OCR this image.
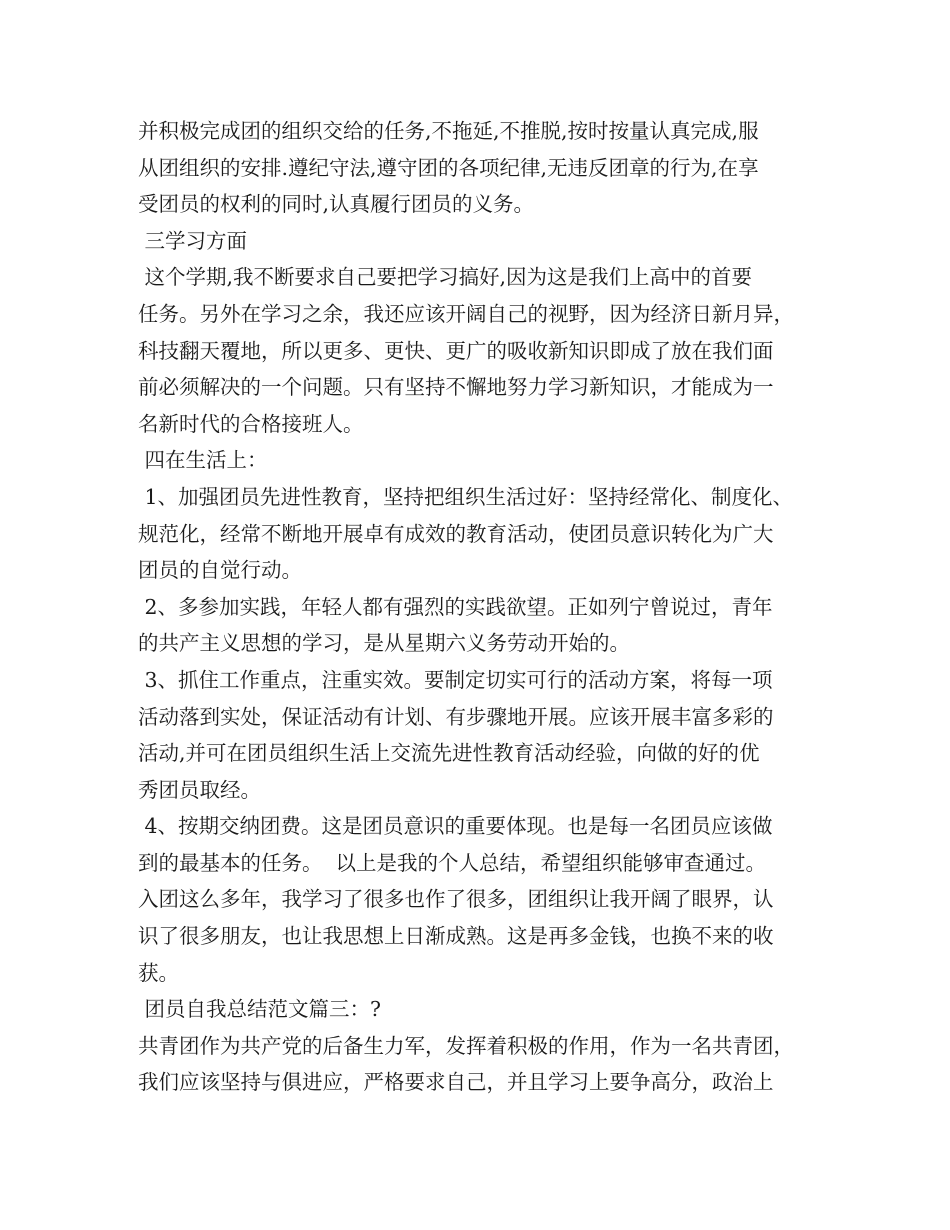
并积极完成团的组织交给的任务,不拖延,不推脱,按时按量认真完成,服
从团组织的安排.遵纪守法,遵守团的各项纪律,无违反团章的行为,在享
受团员的权利的同时,认真履行团员的义务。
三学习方面
这个学期,我不断要求自己要把学习搞好,因为这是我们上高中的首要
任务。另外在学习之余，我还应该开阔自己的视野，因为经济日新月异，
科技翻天覆地，所以更多、更快、更广的吸收新知识即成了放在我们面
前必须解决的一个问题。只有坚持不懈地努力学习新知识，才能成为一
名新时代的合格接班人。
四在生活上：
1、加强团员先进性教育，坚持把组织生活过好：坚持经常化、制度化、
规范化，经常不断地开展卓有成效的教育活动，使团员意识转化为广大
团员的自觉行动。
2、多参加实践，年轻人都有强烈的实践欲望。正如列宁曾说过，青年
的共产主义思想的学习，是从星期六义务劳动开始的。
3、抓住工作重点，注重实效。要制定切实可行的活动方案，将每一项
活动落到实处，保证活动有计划、有步骤地开展。应该开展丰富多彩的
活动,并可在团员组织生活上交流先进性教育活动经验，向做的好的优
秀团员取经。
4、按期交纳团费。这是团员意识的重要体现。也是每一名团员应该做
到的最基本的任务。  以上是我的个人总结，希望组织能够审查通过。
入团这么多年，我学习了很多也作了很多，团组织让我开阔了眼界，认
识了很多朋友，也让我思想上日渐成熟。这是再多金钱，也换不来的收
获。
团员自我总结范文篇三：?
共青团作为共产党的后备生力军，发挥着积极的作用，作为一名共青团，
我们应该坚持与俱进应，严格要求自己，并且学习上要争高分，政治上
